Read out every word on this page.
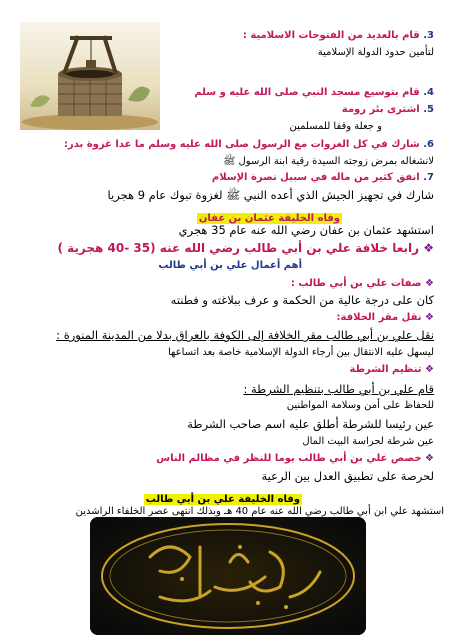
3. قام بالعديد من الفتوحات الاسلامية :
لتأمين حدود الدولة الإسلامية
4. قام بتوسيع مسجد النبي صلى الله عليه و سلم
5. اشترى بئر رومة
و جعلة وقفا للمسلمين
6. شارك في كل الغزوات مع الرسول صلى الله عليه وسلم ما عدا غزوة بدر:
لانشغاله بمرض زوجته السيدة رقية ابنة الرسول ﷺ
7. انفق كثير من ماله في سبيل نصرة الإسلام
شارك في تجهيز الجيش الذي أعده النبي ﷺ لغزوة تبوك عام 9 هجريا
وفاه الخليفة عثمان بن عفان
استشهد عثمان بن عفان رضي الله عنه عام 35 هجري
❖ رابعا خلافة علي بن أبي طالب رضي الله عنه (35 -40 هجرية )
أهم أعمال علي بن أبي طالب
❖ صفات علي بن أبي طالب :
كان على درجة عالية من الحكمة و عرف ببلاغته و فطنته
❖ نقل مقر الخلافة:
نقل علي بن أبي طالب مقر الخلافة إلى الكوفة بالعراق بدلا من المدينة المنورة :
ليسهل عليه الانتقال بين أرجاء الدولة الإسلامية خاصة بعد اتساعها
❖ تنظيم الشرطة
قام علي بن أبي طالب بتنظيم الشرطة :
للحفاظ على أمن وسلامة المواطنين
عين رئيسا للشرطة أطلق عليه اسم صاحب الشرطة
عين شرطة لحراسة البيت المال
❖ خصص علي بن أبي طالب يوما للنظر في مظالم الناس
لحرصة على تطبيق العدل بين الرعية
وفاه الخليفة علي بن أبي طالب
استشهد علي ابن أبي طالب رضي الله عنه عام 40 هـ وبذلك انتهى عصر الخلفاء الراشدين
